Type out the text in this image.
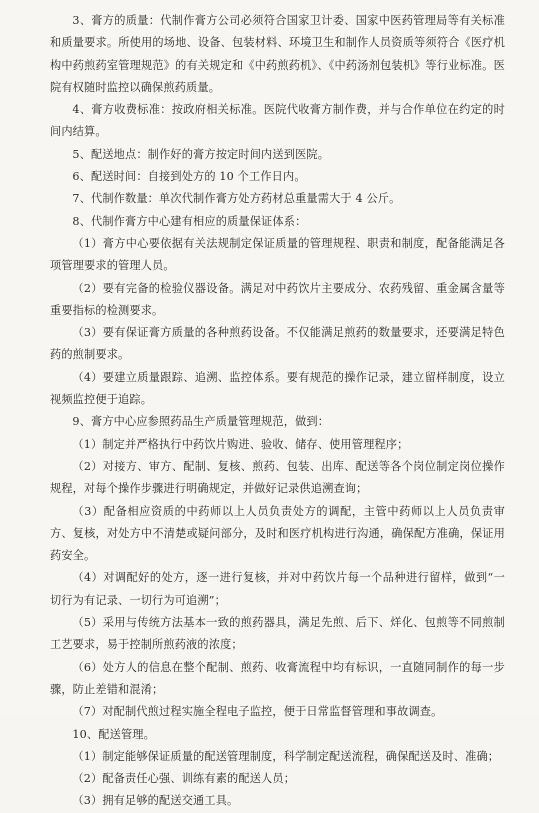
3、膏方的质量：代制作膏方公司必须符合国家卫计委、国家中医药管理局等有关标准和质量要求。所使用的场地、设备、包装材料、环境卫生和制作人员资质等须符合《医疗机构中药煎药室管理规范》的有关规定和《中药煎药机》、《中药汤剂包装机》等行业标准。医院有权随时监控以确保煎药质量。

4、膏方收费标准：按政府相关标准。医院代收膏方制作费，并与合作单位在约定的时间内结算。

5、配送地点：制作好的膏方按定时间内送到医院。

6、配送时间：自接到处方的 10 个工作日内。

7、代制作数量：单次代制作膏方处方药材总重量需大于 4 公斤。

8、代制作膏方中心建有相应的质量保证体系：

（1）膏方中心要依据有关法规制定保证质量的管理规程、职责和制度，配备能满足各项管理要求的管理人员。

（2）要有完备的检验仪器设备。满足对中药饮片主要成分、农药残留、重金属含量等重要指标的检测要求。

（3）要有保证膏方质量的各种煎药设备。不仅能满足煎药的数量要求，还要满足特色药的煎制要求。

（4）要建立质量跟踪、追溯、监控体系。要有规范的操作记录，建立留样制度，设立视频监控便于追踪。

9、膏方中心应参照药品生产质量管理规范，做到：

（1）制定并严格执行中药饮片购进、验收、储存、使用管理程序；

（2）对接方、审方、配制、复核、煎药、包装、出库、配送等各个岗位制定岗位操作规程，对每个操作步骤进行明确规定，并做好记录供追溯查询；

（3）配备相应资质的中药师以上人员负责处方的调配，主管中药师以上人员负责审方、复核，对处方中不清楚或疑问部分，及时和医疗机构进行沟通，确保配方准确，保证用药安全。

（4）对调配好的处方，逐一进行复核，并对中药饮片每一个品种进行留样，做到“一切行为有记录、一切行为可追溯”；

（5）采用与传统方法基本一致的煎药器具，满足先煎、后下、烊化、包煎等不同煎制工艺要求，易于控制所煎药液的浓度；

（6）处方人的信息在整个配制、煎药、收膏流程中均有标识，一直随同制作的每一步骤，防止差错和混淆；

（7）对配制代煎过程实施全程电子监控，便于日常监督管理和事故调查。

10、配送管理。

（1）制定能够保证质量的配送管理制度，科学制定配送流程，确保配送及时、准确；

（2）配备责任心强、训练有素的配送人员；

（3）拥有足够的配送交通工具。
